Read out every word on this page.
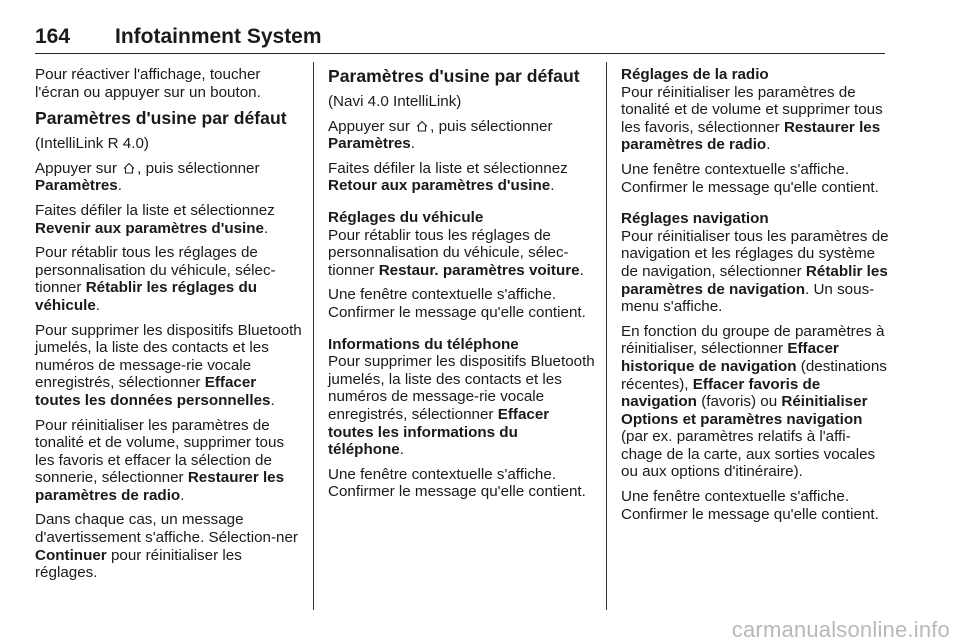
164 Infotainment System

Pour réactiver l'affichage, toucher l'écran ou appuyer sur un bouton.

Paramètres d'usine par défaut

(IntelliLink R 4.0)

Appuyer sur , puis sélectionner Paramètres.

Faites défiler la liste et sélectionnez Revenir aux paramètres d'usine.

Pour rétablir tous les réglages de personnalisation du véhicule, sélec-tionner Rétablir les réglages du véhicule.

Pour supprimer les dispositifs Bluetooth jumelés, la liste des contacts et les numéros de message-rie vocale enregistrés, sélectionner Effacer toutes les données personnelles.

Pour réinitialiser les paramètres de tonalité et de volume, supprimer tous les favoris et effacer la sélection de sonnerie, sélectionner Restaurer les paramètres de radio.

Dans chaque cas, un message d'avertissement s'affiche. Sélection-ner Continuer pour réinitialiser les réglages.

Paramètres d'usine par défaut

(Navi 4.0 IntelliLink)

Appuyer sur , puis sélectionner Paramètres.

Faites défiler la liste et sélectionnez Retour aux paramètres d'usine.

Réglages du véhicule

Pour rétablir tous les réglages de personnalisation du véhicule, sélec-tionner Restaur. paramètres voiture.

Une fenêtre contextuelle s'affiche. Confirmer le message qu'elle contient.

Informations du téléphone

Pour supprimer les dispositifs Bluetooth jumelés, la liste des contacts et les numéros de message-rie vocale enregistrés, sélectionner Effacer toutes les informations du téléphone.

Une fenêtre contextuelle s'affiche. Confirmer le message qu'elle contient.

Réglages de la radio

Pour réinitialiser les paramètres de tonalité et de volume et supprimer tous les favoris, sélectionner Restaurer les paramètres de radio.

Une fenêtre contextuelle s'affiche. Confirmer le message qu'elle contient.

Réglages navigation

Pour réinitialiser tous les paramètres de navigation et les réglages du système de navigation, sélectionner Rétablir les paramètres de navigation. Un sous-menu s'affiche.

En fonction du groupe de paramètres à réinitialiser, sélectionner Effacer historique de navigation (destinations récentes), Effacer favoris de navigation (favoris) ou Réinitialiser Options et paramètres navigation (par ex. paramètres relatifs à l'affi-chage de la carte, aux sorties vocales ou aux options d'itinéraire).

Une fenêtre contextuelle s'affiche. Confirmer le message qu'elle contient.

carmanualsonline.info
